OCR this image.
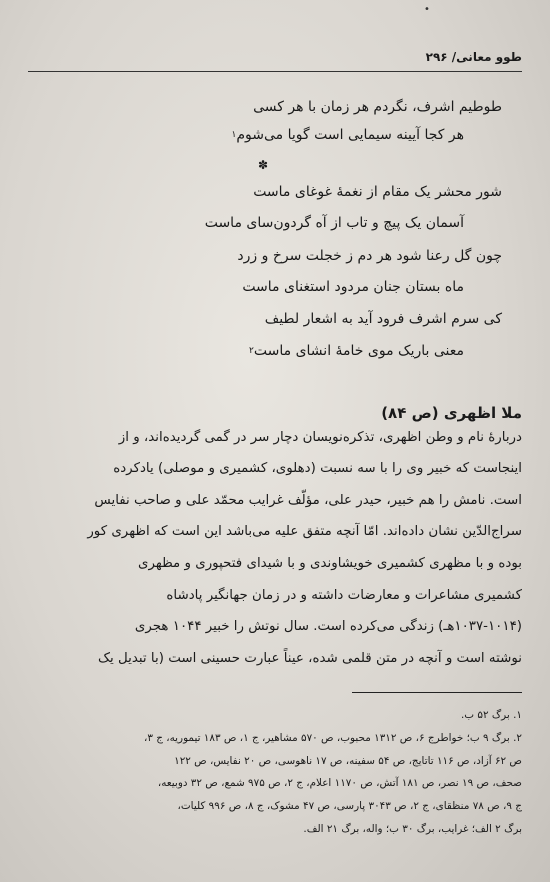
•
طوو معانی/ ۲۹۶
طوطیم اشرف، نگردم هر زمان با هر کسی
هر کجا آیینه سیمایی است گویا می‌شوم$^۱$
✽
شور محشر یک مقام از نغمهٔ غوغای ماست
آسمان یک پیچ و تاب از آه گردون‌سای ماست
چون گل رعنا شود هر دم ز خجلت سرخ و زرد
ماه بستان جنان مردود استغنای ماست
کی سرم اشرف فرود آید به اشعار لطیف
معنی باریک موی خامهٔ انشای ماست$^۲$
ملا اظهری (ص ۸۴)
دربارهٔ نام و وطن اظهری، تذکره‌نویسان دچار سر در گمی گردیده‌اند، و از
اینجاست که خبیر وی را با سه نسبت (دهلوی، کشمیری و موصلی) یادکرده
است. نامش را هم خبیر، حیدر علی، مؤلّف غرایب محمّد علی و صاحب نفایس
سراج‌الدّین نشان داده‌اند. امّا آنچه متفق علیه می‌باشد این است که اظهری کور
بوده و با مظهری کشمیری خویشاوندی و با شیدای فتحپوری و مظهری
کشمیری مشاعرات و معارضات داشته و در زمان جهانگیر پادشاه
(۱۰۳۷-۱۰۱۴هـ) زندگی می‌کرده است. سال نوتش را خبیر ۱۰۴۴ هجری
نوشته است و آنچه در متن قلمی شده، عیناً عبارت حسینی است (با تبدیل یک
۱. برگ ۵۲ ب.
۲. برگ ۹ ب؛ خواطرج ۶، ص ۱۳۱۲ محبوب، ص ۵۷۰ مشاهیر، ج ۱، ص ۱۸۳ تیموریه، ج ۳،
ص ۶۲ آزاد، ص ۱۱۶ تاتایج، ص ۵۴ سفینه، ص ۱۷ ناهوسی، ص ۲۰ نفایس، ص ۱۲۲
صحف، ص ۱۹ نصر، ص ۱۸۱ آتش، ص ۱۱۷۰ اعلام، ج ۲، ص ۹۷۵ شمع، ص ۳۲ دوبیعه،
ج ۹، ص ۷۸ منظقای، ج ۲، ص ۳۰۴۳ پارسی، ص ۴۷ مشوک، ج ۸، ص ۹۹۶ کلیات،
برگ ۲ الف؛ غرایب، برگ ۳۰ ب؛ واله، برگ ۲۱ الف.
